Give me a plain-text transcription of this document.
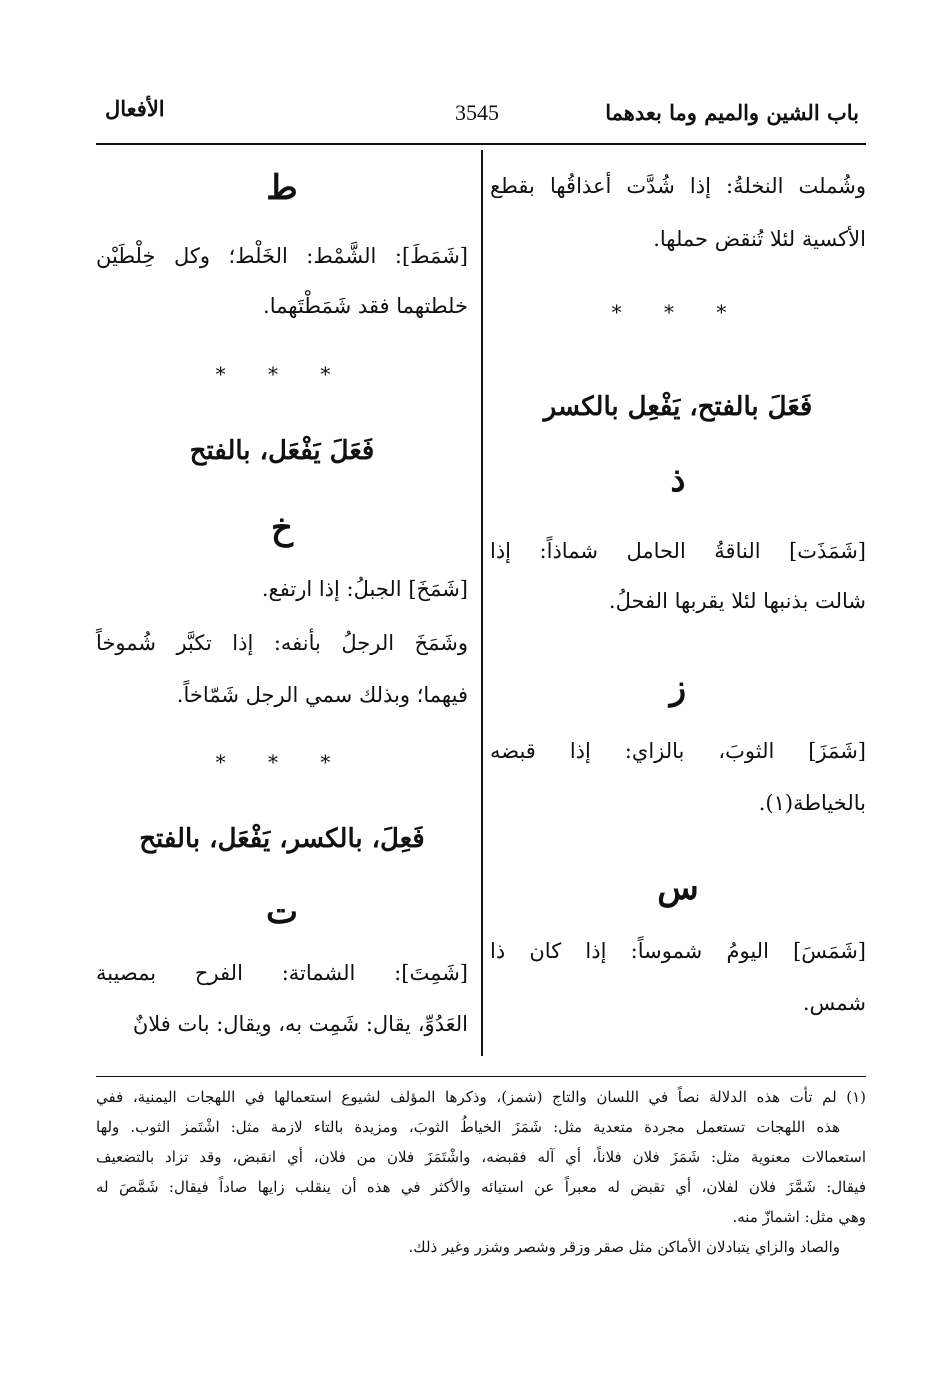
باب الشين والميم وما بعدهما
3545
الأفعال
وشُملت النخلةُ: إذا شُدَّت أعذاقُها بقطع
الأكسية لئلا تُنقض حملها.
* * *
فَعَلَ بالفتح، يَفْعِل بالكسر
ذ
[شَمَذَت] الناقةُ الحامل شماذاً: إذا
شالت بذنبها لئلا يقربها الفحلُ.
ز
[شَمَزَ] الثوبَ، بالزاي: إذا قبضه
بالخياطة(١).
س
[شَمَسَ] اليومُ شموساً: إذا كان ذا
شمس.
ط
[شَمَطَ]: الشَّمْط: الخَلْط؛ وكل خِلْطَيْن
خلطتهما فقد شَمَطْتَهما.
* * *
فَعَلَ يَفْعَل، بالفتح
خ
[شَمَخَ] الجبلُ: إذا ارتفع.
وشَمَخَ الرجلُ بأنفه: إذا تكبَّر شُموخاً
فيهما؛ وبذلك سمي الرجل شَمّاخاً.
* * *
فَعِلَ، بالكسر، يَفْعَل، بالفتح
ت
[شَمِتَ]: الشماتة: الفرح بمصيبة
العَدُوِّ، يقال: شَمِت به، ويقال: بات فلانٌ
(١) لم تأت هذه الدلالة نصاً في اللسان والتاج (شمز)، وذكرها المؤلف لشيوع استعمالها في اللهجات اليمنية، ففي
هذه اللهجات تستعمل مجردة متعدية مثل: شَمَزَ الخياطُ الثوبَ، ومزيدة بالتاء لازمة مثل: اشْتَمز الثوب. ولها
استعمالات معنوية مثل: شَمَزَ فلان فلاناً، أي آله فقبضه، واشْتَمَزَ فلان من فلان، أي انقبض، وقد تزاد بالتضعيف
فيقال: شَمَّزَ فلان لفلان، أي تقبض له معبراً عن استيائه والأكثر في هذه أن ينقلب زايها صاداً فيقال: شَمَّصَ له
وهي مثل: اشمازّ منه.
والصاد والزاي يتبادلان الأماكن مثل صقر وزقر وشصر وشزر وغير ذلك.
